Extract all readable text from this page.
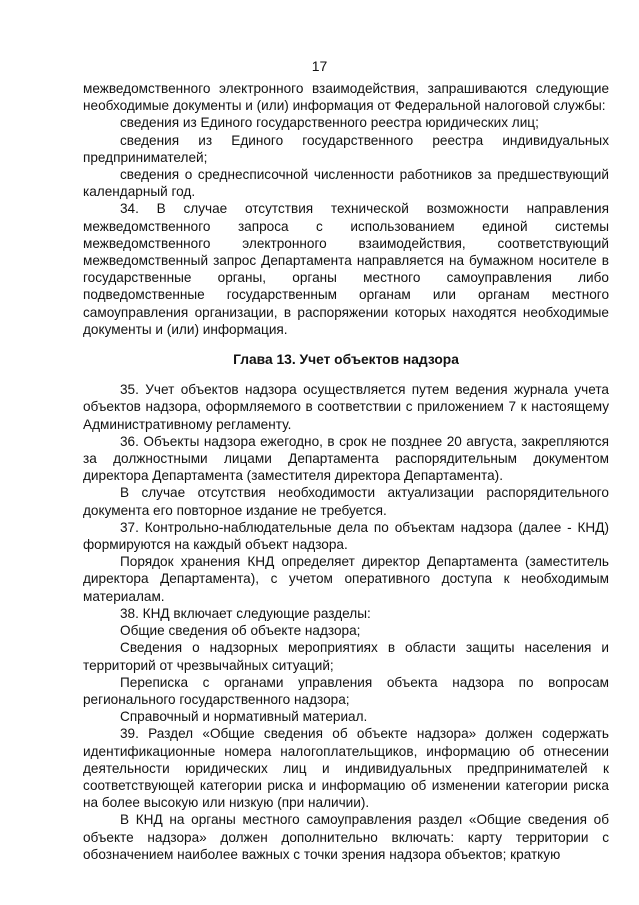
17

межведомственного электронного взаимодействия, запрашиваются следующие необходимые документы и (или) информация от Федеральной налоговой службы:

сведения из Единого государственного реестра юридических лиц;

сведения из Единого государственного реестра индивидуальных предпринимателей;

сведения о среднесписочной численности работников за предшествующий календарный год.

34. В случае отсутствия технической возможности направления межведомственного запроса с использованием единой системы межведомственного электронного взаимодействия, соответствующий межведомственный запрос Департамента направляется на бумажном носителе в государственные органы, органы местного самоуправления либо подведомственные государственным органам или органам местного самоуправления организации, в распоряжении которых находятся необходимые документы и (или) информация.

Глава 13. Учет объектов надзора

35. Учет объектов надзора осуществляется путем ведения журнала учета объектов надзора, оформляемого в соответствии с приложением 7 к настоящему Административному регламенту.

36. Объекты надзора ежегодно, в срок не позднее 20 августа, закрепляются за должностными лицами Департамента распорядительным документом директора Департамента (заместителя директора Департамента).

В случае отсутствия необходимости актуализации распорядительного документа его повторное издание не требуется.

37. Контрольно-наблюдательные дела по объектам надзора (далее - КНД) формируются на каждый объект надзора.

Порядок хранения КНД определяет директор Департамента (заместитель директора Департамента), с учетом оперативного доступа к необходимым материалам.

38. КНД включает следующие разделы:

Общие сведения об объекте надзора;

Сведения о надзорных мероприятиях в области защиты населения и территорий от чрезвычайных ситуаций;

Переписка с органами управления объекта надзора по вопросам регионального государственного надзора;

Справочный и нормативный материал.

39. Раздел «Общие сведения об объекте надзора» должен содержать идентификационные номера налогоплательщиков, информацию об отнесении деятельности юридических лиц и индивидуальных предпринимателей к соответствующей категории риска и информацию об изменении категории риска на более высокую или низкую (при наличии).

В КНД на органы местного самоуправления раздел «Общие сведения об объекте надзора» должен дополнительно включать: карту территории с обозначением наиболее важных с точки зрения надзора объектов; краткую
